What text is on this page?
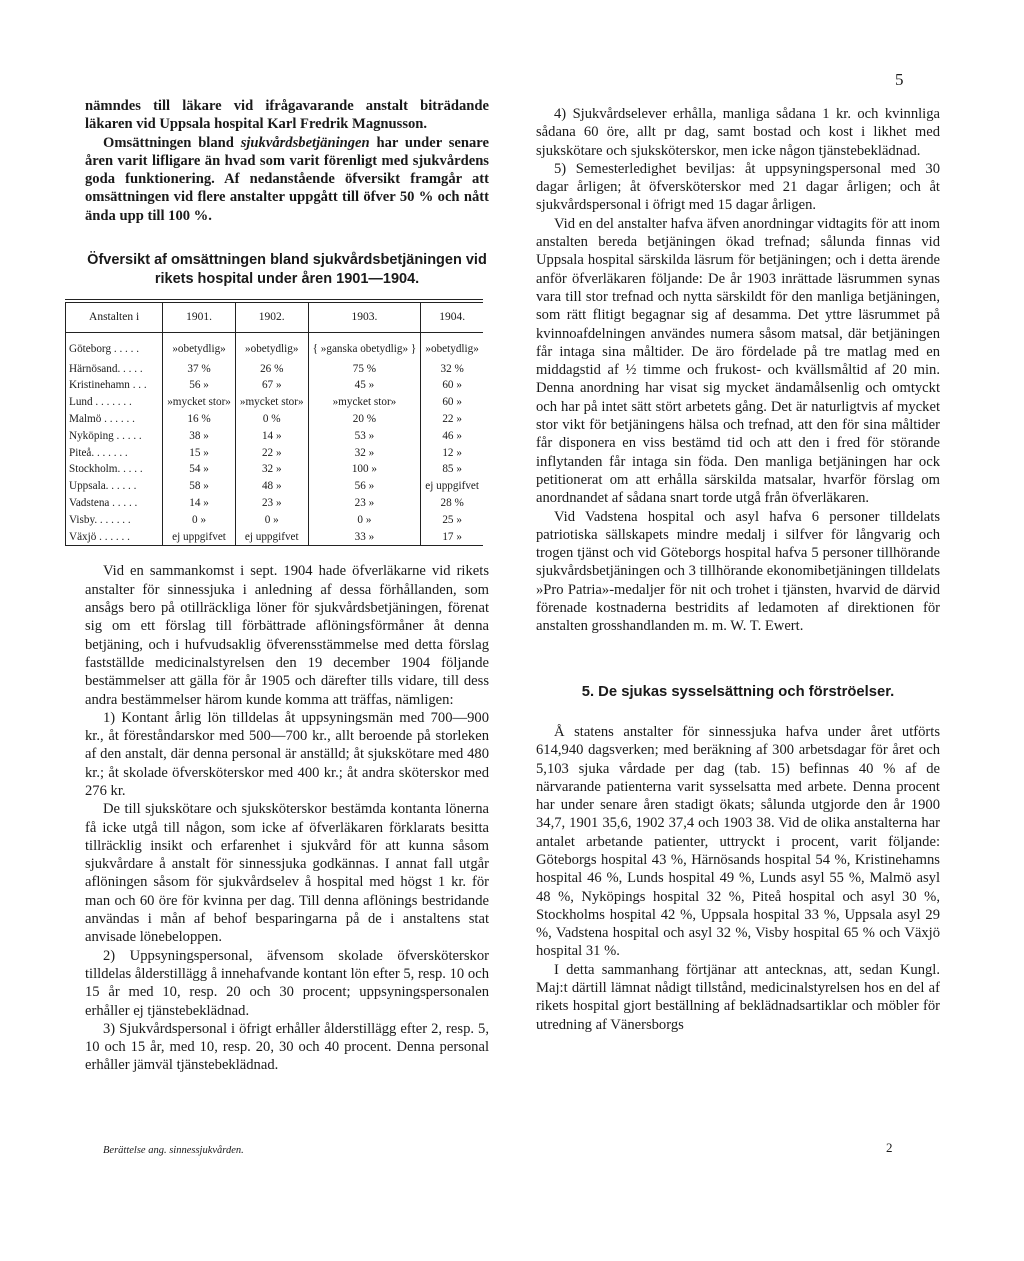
5

nämndes till läkare vid ifrågavarande anstalt biträdande läkaren vid Uppsala hospital Karl Fredrik Magnusson.

Omsättningen bland sjukvårdsbetjäningen har under senare åren varit lifligare än hvad som varit förenligt med sjukvårdens goda funktionering. Af nedanstående öfversikt framgår att omsättningen vid flere anstalter uppgått till öfver 50 % och nått ända upp till 100 %.

Öfversikt af omsättningen bland sjukvårdsbetjäningen vid rikets hospital under åren 1901—1904.
Anstalten i	1901.	1902.	1903.	1904.
Göteborg . . . . .	»obetydlig»	»obetydlig»	{ »ganska obetydlig» }	»obetydlig»
Härnösand. . . . .	37 %	26 %	75 %	32 %
Kristinehamn . . .	56 »	67 »	45 »	60 »
Lund . . . . . . .	»mycket stor»	»mycket stor»	»mycket stor»	60 »
Malmö . . . . . .	16 %	0 %	20 %	22 »
Nyköping . . . . .	38 »	14 »	53 »	46 »
Piteå. . . . . . .	15 »	22 »	32 »	12 »
Stockholm. . . . .	54 »	32 »	100 »	85 »
Uppsala. . . . . .	58 »	48 »	56 »	ej uppgifvet
Vadstena . . . . .	14 »	23 »	23 »	28 %
Visby. . . . . . .	0 »	0 »	0 »	25 »
Växjö . . . . . .	ej uppgifvet	ej uppgifvet	33 »	17 »

Vid en sammankomst i sept. 1904 hade öfverläkarne vid rikets anstalter för sinnessjuka i anledning af dessa förhållanden, som ansågs bero på otillräckliga löner för sjukvårdsbetjäningen, förenat sig om ett förslag till förbättrade aflöningsförmåner åt denna betjäning, och i hufvudsaklig öfverensstämmelse med detta förslag fastställde medicinalstyrelsen den 19 december 1904 följande bestämmelser att gälla för år 1905 och därefter tills vidare, till dess andra bestämmelser härom kunde komma att träffas, nämligen:

1) Kontant årlig lön tilldelas åt uppsyningsmän med 700—900 kr., åt föreståndarskor med 500—700 kr., allt beroende på storleken af den anstalt, där denna personal är anställd; åt sjukskötare med 480 kr.; åt skolade öfversköterskor med 400 kr.; åt andra sköterskor med 276 kr.

De till sjukskötare och sjuksköterskor bestämda kontanta lönerna få icke utgå till någon, som icke af öfverläkaren förklarats besitta tillräcklig insikt och erfarenhet i sjukvård för att kunna såsom sjukvårdare å anstalt för sinnessjuka godkännas. I annat fall utgår aflöningen såsom för sjukvårdselev å hospital med högst 1 kr. för man och 60 öre för kvinna per dag. Till denna aflönings bestridande användas i mån af behof besparingarna på de i anstaltens stat anvisade lönebeloppen.

2) Uppsyningspersonal, äfvensom skolade öfversköterskor tilldelas ålderstillägg å innehafvande kontant lön efter 5, resp. 10 och 15 år med 10, resp. 20 och 30 procent; uppsyningspersonalen erhåller ej tjänstebeklädnad.

3) Sjukvårdspersonal i öfrigt erhåller ålderstillägg efter 2, resp. 5, 10 och 15 år, med 10, resp. 20, 30 och 40 procent. Denna personal erhåller jämväl tjänstebeklädnad.

4) Sjukvårdselever erhålla, manliga sådana 1 kr. och kvinnliga sådana 60 öre, allt pr dag, samt bostad och kost i likhet med sjukskötare och sjuksköterskor, men icke någon tjänstebeklädnad.

5) Semesterledighet beviljas: åt uppsyningspersonal med 30 dagar årligen; åt öfversköterskor med 21 dagar årligen; och åt sjukvårdspersonal i öfrigt med 15 dagar årligen.

Vid en del anstalter hafva äfven anordningar vidtagits för att inom anstalten bereda betjäningen ökad trefnad; sålunda finnas vid Uppsala hospital särskilda läsrum för betjäningen; och i detta ärende anför öfverläkaren följande: De år 1903 inrättade läsrummen synas vara till stor trefnad och nytta särskildt för den manliga betjäningen, som rätt flitigt begagnar sig af desamma. Det yttre läsrummet på kvinnoafdelningen användes numera såsom matsal, där betjäningen får intaga sina måltider. De äro fördelade på tre matlag med en middagstid af ½ timme och frukost- och kvällsmåltid af 20 min. Denna anordning har visat sig mycket ändamålsenlig och omtyckt och har på intet sätt stört arbetets gång. Det är naturligtvis af mycket stor vikt för betjäningens hälsa och trefnad, att den för sina måltider får disponera en viss bestämd tid och att den i fred för störande inflytanden får intaga sin föda. Den manliga betjäningen har ock petitionerat om att erhålla särskilda matsalar, hvarför förslag om anordnandet af sådana snart torde utgå från öfverläkaren.

Vid Vadstena hospital och asyl hafva 6 personer tilldelats patriotiska sällskapets mindre medalj i silfver för långvarig och trogen tjänst och vid Göteborgs hospital hafva 5 personer tillhörande sjukvårdsbetjäningen och 3 tillhörande ekonomibetjäningen tilldelats »Pro Patria»-medaljer för nit och trohet i tjänsten, hvarvid de därvid förenade kostnaderna bestridits af ledamoten af direktionen för anstalten grosshandlanden m. m. W. T. Ewert.

5. De sjukas sysselsättning och förströelser.

Å statens anstalter för sinnessjuka hafva under året utförts 614,940 dagsverken; med beräkning af 300 arbetsdagar för året och 5,103 sjuka vårdade per dag (tab. 15) befinnas 40 % af de närvarande patienterna varit sysselsatta med arbete. Denna procent har under senare åren stadigt ökats; sålunda utgjorde den år 1900 34,7, 1901 35,6, 1902 37,4 och 1903 38. Vid de olika anstalterna har antalet arbetande patienter, uttryckt i procent, varit följande: Göteborgs hospital 43 %, Härnösands hospital 54 %, Kristinehamns hospital 46 %, Lunds hospital 49 %, Lunds asyl 55 %, Malmö asyl 48 %, Nyköpings hospital 32 %, Piteå hospital och asyl 30 %, Stockholms hospital 42 %, Uppsala hospital 33 %, Uppsala asyl 29 %, Vadstena hospital och asyl 32 %, Visby hospital 65 % och Växjö hospital 31 %.

I detta sammanhang förtjänar att antecknas, att, sedan Kungl. Maj:t därtill lämnat nådigt tillstånd, medicinalstyrelsen hos en del af rikets hospital gjort beställning af beklädnadsartiklar och möbler för utredning af Vänersborgs

Berättelse ang. sinnessjukvården.	2
